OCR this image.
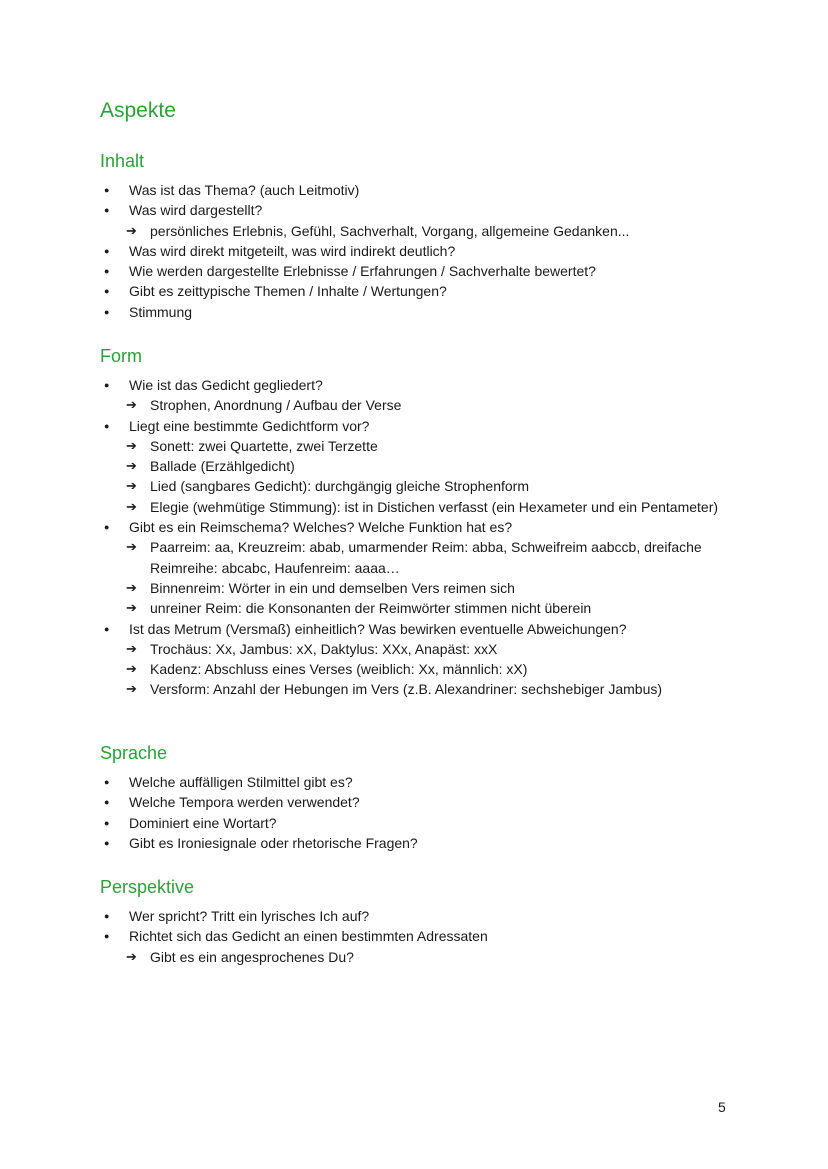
Aspekte
Inhalt
● Was ist das Thema? (auch Leitmotiv)
● Was wird dargestellt?
➔ persönliches Erlebnis, Gefühl, Sachverhalt, Vorgang, allgemeine Gedanken...
● Was wird direkt mitgeteilt, was wird indirekt deutlich?
● Wie werden dargestellte Erlebnisse / Erfahrungen / Sachverhalte bewertet?
● Gibt es zeittypische Themen / Inhalte / Wertungen?
● Stimmung
Form
● Wie ist das Gedicht gegliedert?
➔ Strophen, Anordnung / Aufbau der Verse
● Liegt eine bestimmte Gedichtform vor?
➔ Sonett: zwei Quartette, zwei Terzette
➔ Ballade (Erzählgedicht)
➔ Lied (sangbares Gedicht): durchgängig gleiche Strophenform
➔ Elegie (wehmütige Stimmung): ist in Distichen verfasst (ein Hexameter und ein Pentameter)
● Gibt es ein Reimschema? Welches? Welche Funktion hat es?
➔ Paarreim: aa, Kreuzreim: abab, umarmender Reim: abba, Schweifreim aabccb, dreifache Reimreihe: abcabc, Haufenreim: aaaa…
➔ Binnenreim: Wörter in ein und demselben Vers reimen sich
➔ unreiner Reim: die Konsonanten der Reimwörter stimmen nicht überein
● Ist das Metrum (Versmaß) einheitlich? Was bewirken eventuelle Abweichungen?
➔ Trochäus: Xx, Jambus: xX, Daktylus: XXx, Anapäst: xxX
➔ Kadenz: Abschluss eines Verses (weiblich: Xx, männlich: xX)
➔ Versform: Anzahl der Hebungen im Vers (z.B. Alexandriner: sechshebiger Jambus)
Sprache
● Welche auffälligen Stilmittel gibt es?
● Welche Tempora werden verwendet?
● Dominiert eine Wortart?
● Gibt es Ironiesignale oder rhetorische Fragen?
Perspektive
● Wer spricht? Tritt ein lyrisches Ich auf?
● Richtet sich das Gedicht an einen bestimmten Adressaten
➔ Gibt es ein angesprochenes Du?
5
